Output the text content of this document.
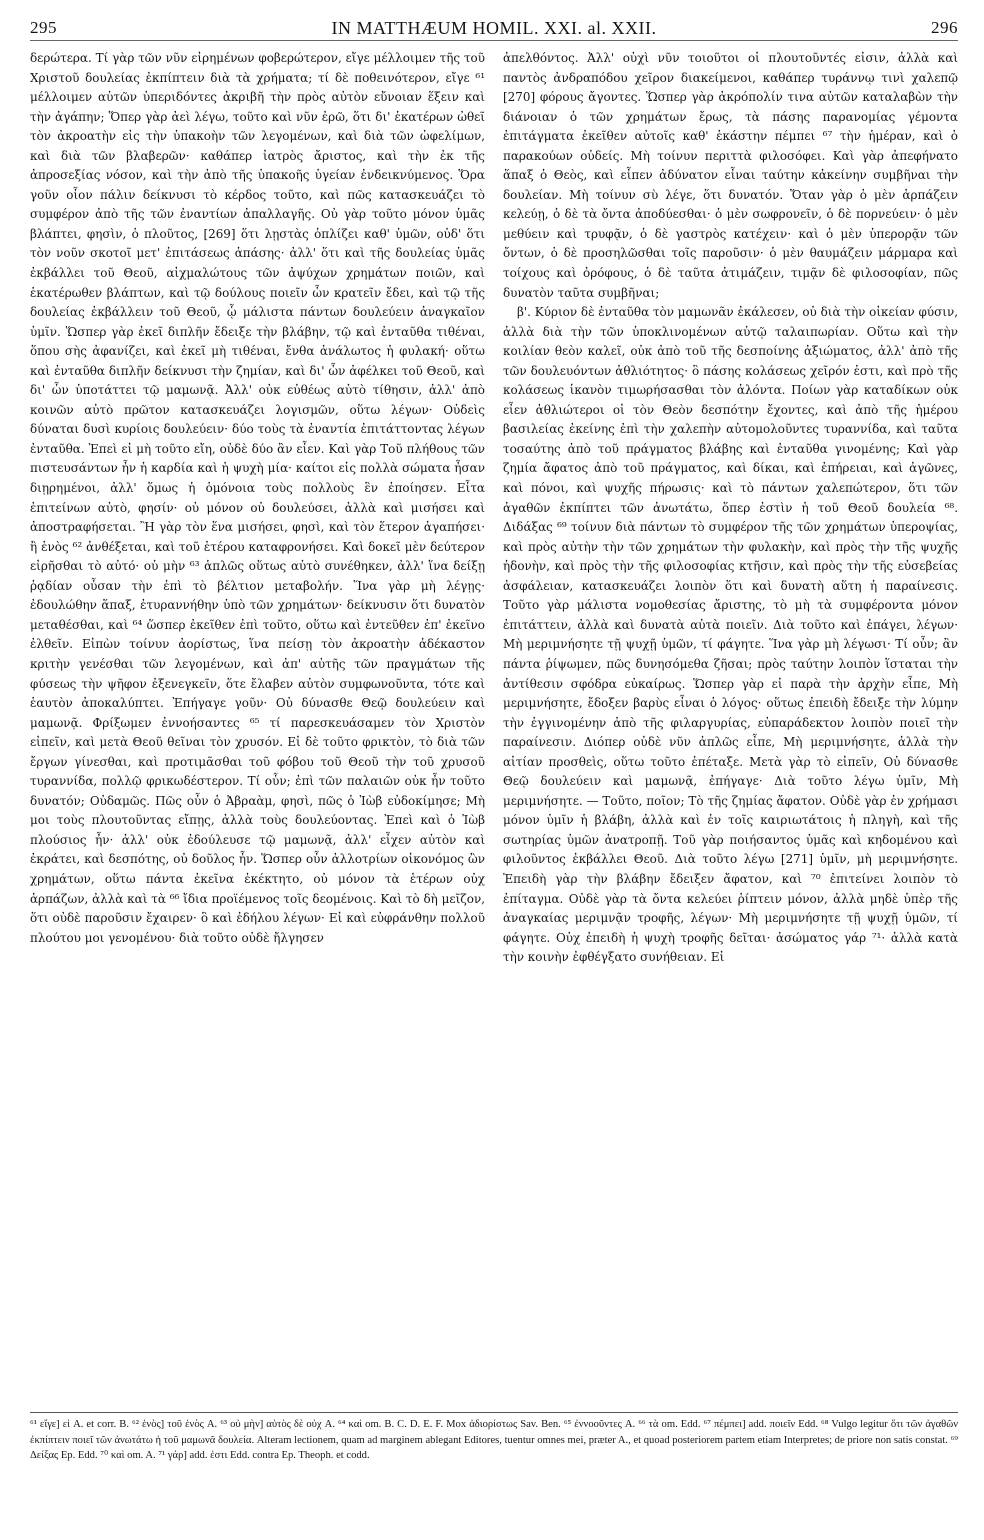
295	IN MATTHÆUM HOMIL. XXI. al. XXII.	296

δερώτερα. Τί γὰρ τῶν νῦν εἰρημένων φοβερώτερον, εἴγε μέλλοιμεν τῆς τοῦ Χριστοῦ δουλείας ἐκπίπτειν διὰ τὰ χρήματα; τί δὲ ποθεινότερον, εἴγε ⁶¹ μέλλοιμεν αὐτῶν ὑπεριδόντες ἀκριβῆ τὴν πρὸς αὐτὸν εὔνοιαν ἕξειν καὶ τὴν ἀγάπην; Ὅπερ γὰρ ἀεὶ λέγω, τοῦτο καὶ νῦν ἐρῶ, ὅτι δι' ἑκατέρων ὠθεῖ τὸν ἀκροατὴν εἰς τὴν ὑπακοὴν τῶν λεγομένων, καὶ διὰ τῶν ὠφελίμων, καὶ διὰ τῶν βλαβερῶν· καθάπερ ἰατρὸς ἄριστος, καὶ τὴν ἐκ τῆς ἀπροσεξίας νόσον, καὶ τὴν ἀπὸ τῆς ὑπακοῆς ὑγείαν ἐνδεικνύμενος. Ὅρα γοῦν οἷον πάλιν δείκνυσι τὸ κέρδος τοῦτο, καὶ πῶς κατασκευάζει τὸ συμφέρον ἀπὸ τῆς τῶν ἐναντίων ἀπαλλαγῆς. Οὐ γὰρ τοῦτο μόνον ὑμᾶς βλάπτει, φησὶν, ὁ πλοῦτος, [269] ὅτι λῃστὰς ὁπλίζει καθ' ὑμῶν, οὐδ' ὅτι τὸν νοῦν σκοτοῖ μετ' ἐπιτάσεως ἁπάσης· ἀλλ' ὅτι καὶ τῆς δουλείας ὑμᾶς ἐκβάλλει τοῦ Θεοῦ, αἰχμαλώτους τῶν ἀψύχων χρημάτων ποιῶν, καὶ ἑκατέρωθεν βλάπτων, καὶ τῷ δούλους ποιεῖν ὧν κρατεῖν ἔδει, καὶ τῷ τῆς δουλείας ἐκβάλλειν τοῦ Θεοῦ, ᾧ μάλιστα πάντων δουλεύειν ἀναγκαῖον ὑμῖν. Ὥσπερ γὰρ ἐκεῖ διπλῆν ἔδειξε τὴν βλάβην, τῷ καὶ ἐνταῦθα τιθέναι, ὅπου σὴς ἀφανίζει, καὶ ἐκεῖ μὴ τιθέναι, ἔνθα ἀνάλωτος ἡ φυλακή· οὕτω καὶ ἐνταῦθα διπλῆν δείκνυσι τὴν ζημίαν, καὶ δι' ὧν ἀφέλκει τοῦ Θεοῦ, καὶ δι' ὧν ὑποτάττει τῷ μαμωνᾷ. Ἀλλ' οὐκ εὐθέως αὐτὸ τίθησιν, ἀλλ' ἀπὸ κοινῶν αὐτὸ πρῶτον κατασκευάζει λογισμῶν, οὕτω λέγων· Οὐδεὶς δύναται δυσὶ κυρίοις δουλεύειν· δύο τοὺς τὰ ἐναντία ἐπιτάττοντας λέγων ἐνταῦθα. Ἐπεὶ εἰ μὴ τοῦτο εἴη, οὐδὲ δύο ἂν εἶεν. Καὶ γὰρ Τοῦ πλήθους τῶν πιστευσάντων ἦν ἡ καρδία καὶ ἡ ψυχὴ μία· καίτοι εἰς πολλὰ σώματα ἦσαν διῃρημένοι, ἀλλ' ὅμως ἡ ὁμόνοια τοὺς πολλοὺς ἓν ἐποίησεν. Εἶτα ἐπιτείνων αὐτὸ, φησίν· οὐ μόνον οὐ δουλεύσει, ἀλλὰ καὶ μισήσει καὶ ἀποστραφήσεται. Ἢ γὰρ τὸν ἕνα μισήσει, φησὶ, καὶ τὸν ἕτερον ἀγαπήσει· ἢ ἑνὸς ⁶² ἀνθέξεται, καὶ τοῦ ἑτέρου καταφρονήσει. Καὶ δοκεῖ μὲν δεύτερον εἰρῆσθαι τὸ αὐτό· οὐ μὴν ⁶³ ἁπλῶς οὕτως αὐτὸ συνέθηκεν, ἀλλ' ἵνα δείξῃ ῥᾳδίαν οὖσαν τὴν ἐπὶ τὸ βέλτιον μεταβολήν. Ἵνα γὰρ μὴ λέγῃς· ἐδουλώθην ἅπαξ, ἐτυραννήθην ὑπὸ τῶν χρημάτων· δείκνυσιν ὅτι δυνατὸν μεταθέσθαι, καὶ ⁶⁴ ὥσπερ ἐκεῖθεν ἐπὶ τοῦτο, οὕτω καὶ ἐντεῦθεν ἐπ' ἐκεῖνο ἐλθεῖν. Εἰπὼν τοίνυν ἀορίστως, ἵνα πείσῃ τὸν ἀκροατὴν ἀδέκαστον κριτὴν γενέσθαι τῶν λεγομένων, καὶ ἀπ' αὐτῆς τῶν πραγμάτων τῆς φύσεως τὴν ψῆφον ἐξενεγκεῖν, ὅτε ἔλαβεν αὐτὸν συμφωνοῦντα, τότε καὶ ἑαυτὸν ἀποκαλύπτει. Ἐπήγαγε γοῦν· Οὐ δύνασθε Θεῷ δουλεύειν καὶ μαμωνᾷ. Φρίξωμεν ἐννοήσαντες ⁶⁵ τί παρεσκευάσαμεν τὸν Χριστὸν εἰπεῖν, καὶ μετὰ Θεοῦ θεῖναι τὸν χρυσόν. Εἰ δὲ τοῦτο φρικτὸν, τὸ διὰ τῶν ἔργων γίνεσθαι, καὶ προτιμᾶσθαι τοῦ φόβου τοῦ Θεοῦ τὴν τοῦ χρυσοῦ τυραννίδα, πολλῷ φρικωδέστερον. Τί οὖν; ἐπὶ τῶν παλαιῶν οὐκ ἦν τοῦτο δυνατόν; Οὐδαμῶς. Πῶς οὖν ὁ Ἀβραὰμ, φησὶ, πῶς ὁ Ἰὼβ εὐδοκίμησε; Μὴ μοι τοὺς πλουτοῦντας εἴπῃς, ἀλλὰ τοὺς δουλεύοντας. Ἐπεὶ καὶ ὁ Ἰὼβ πλούσιος ἦν· ἀλλ' οὐκ ἐδούλευσε τῷ μαμωνᾷ, ἀλλ' εἶχεν αὐτὸν καὶ ἐκράτει, καὶ δεσπότης, οὐ δοῦλος ἦν. Ὥσπερ οὖν ἀλλοτρίων οἰκονόμος ὢν χρημάτων, οὕτω πάντα ἐκεῖνα ἐκέκτητο, οὐ μόνον τὰ ἑτέρων οὐχ ἁρπάζων, ἀλλὰ καὶ τὰ ⁶⁶ ἴδια προϊέμενος τοῖς δεομένοις. Καὶ τὸ δὴ μεῖζον, ὅτι οὐδὲ παροῦσιν ἔχαιρεν· ὃ καὶ ἐδήλου λέγων· Εἰ καὶ εὐφράνθην πολλοῦ πλούτου μοι γενομένου· διὰ τοῦτο οὐδὲ ἤλγησεν

ἀπελθόντος. Ἀλλ' οὐχὶ νῦν τοιοῦτοι οἱ πλουτοῦντές εἰσιν, ἀλλὰ καὶ παντὸς ἀνδραπόδου χεῖρον διακείμενοι, καθάπερ τυράννῳ τινὶ χαλεπῷ [270] φόρους ἄγοντες. Ὥσπερ γὰρ ἀκρόπολίν τινα αὐτῶν καταλαβὼν τὴν διάνοιαν ὁ τῶν χρημάτων ἔρως, τὰ πάσης παρανομίας γέμοντα ἐπιτάγματα ἐκεῖθεν αὐτοῖς καθ' ἑκάστην πέμπει ⁶⁷ τὴν ἡμέραν, καὶ ὁ παρακούων οὐδείς. Μὴ τοίνυν περιττὰ φιλοσόφει. Καὶ γὰρ ἀπεφήνατο ἅπαξ ὁ Θεὸς, καὶ εἶπεν ἀδύνατον εἶναι ταύτην κἀκείνην συμβῆναι τὴν δουλείαν. Μὴ τοίνυν σὺ λέγε, ὅτι δυνατόν. Ὅταν γὰρ ὁ μὲν ἁρπάζειν κελεύῃ, ὁ δὲ τὰ ὄντα ἀποδύεσθαι· ὁ μὲν σωφρονεῖν, ὁ δὲ πορνεύειν· ὁ μὲν μεθύειν καὶ τρυφᾷν, ὁ δὲ γαστρὸς κατέχειν· καὶ ὁ μὲν ὑπερορᾷν τῶν ὄντων, ὁ δὲ προσηλῶσθαι τοῖς παροῦσιν· ὁ μὲν θαυμάζειν μάρμαρα καὶ τοίχους καὶ ὀρόφους, ὁ δὲ ταῦτα ἀτιμάζειν, τιμᾷν δὲ φιλοσοφίαν, πῶς δυνατὸν ταῦτα συμβῆναι;

β'. Κύριον δὲ ἐνταῦθα τὸν μαμωνᾶν ἐκάλεσεν, οὐ διὰ τὴν οἰκείαν φύσιν, ἀλλὰ διὰ τὴν τῶν ὑποκλινομένων αὐτῷ ταλαιπωρίαν. Οὕτω καὶ τὴν κοιλίαν θεὸν καλεῖ, οὐκ ἀπὸ τοῦ τῆς δεσποίνης ἀξιώματος, ἀλλ' ἀπὸ τῆς τῶν δουλευόντων ἀθλιότητος· ὃ πάσης κολάσεως χεῖρόν ἐστι, καὶ πρὸ τῆς κολάσεως ἱκανὸν τιμωρήσασθαι τὸν ἁλόντα. Ποίων γὰρ καταδίκων οὐκ εἶεν ἀθλιώτεροι οἱ τὸν Θεὸν δεσπότην ἔχοντες, καὶ ἀπὸ τῆς ἡμέρου βασιλείας ἐκείνης ἐπὶ τὴν χαλεπὴν αὐτομολοῦντες τυραννίδα, καὶ ταῦτα τοσαύτης ἀπὸ τοῦ πράγματος βλάβης καὶ ἐνταῦθα γινομένης; Καὶ γὰρ ζημία ἄφατος ἀπὸ τοῦ πράγματος, καὶ δίκαι, καὶ ἐπήρειαι, καὶ ἀγῶνες, καὶ πόνοι, καὶ ψυχῆς πήρωσις· καὶ τὸ πάντων χαλεπώτερον, ὅτι τῶν ἀγαθῶν ἐκπίπτει τῶν ἀνωτάτω, ὅπερ ἐστὶν ἡ τοῦ Θεοῦ δουλεία ⁶⁸. Διδάξας ⁶⁹ τοίνυν διὰ πάντων τὸ συμφέρον τῆς τῶν χρημάτων ὑπεροψίας, καὶ πρὸς αὐτὴν τὴν τῶν χρημάτων τὴν φυλακὴν, καὶ πρὸς τὴν τῆς ψυχῆς ἡδονὴν, καὶ πρὸς τὴν τῆς φιλοσοφίας κτῆσιν, καὶ πρὸς τὴν τῆς εὐσεβείας ἀσφάλειαν, κατασκευάζει λοιπὸν ὅτι καὶ δυνατὴ αὕτη ἡ παραίνεσις. Τοῦτο γὰρ μάλιστα νομοθεσίας ἄριστης, τὸ μὴ τὰ συμφέροντα μόνον ἐπιτάττειν, ἀλλὰ καὶ δυνατὰ αὐτὰ ποιεῖν. Διὰ τοῦτο καὶ ἐπάγει, λέγων· Μὴ μεριμνήσητε τῇ ψυχῇ ὑμῶν, τί φάγητε. Ἵνα γὰρ μὴ λέγωσι· Τί οὖν; ἂν πάντα ῥίψωμεν, πῶς δυνησόμεθα ζῆσαι; πρὸς ταύτην λοιπὸν ἵσταται τὴν ἀντίθεσιν σφόδρα εὐκαίρως. Ὥσπερ γὰρ εἰ παρὰ τὴν ἀρχὴν εἶπε, Μὴ μεριμνήσητε, ἔδοξεν βαρὺς εἶναι ὁ λόγος· οὕτως ἐπειδὴ ἔδειξε τὴν λύμην τὴν ἐγγινομένην ἀπὸ τῆς φιλαργυρίας, εὐπαράδεκτον λοιπὸν ποιεῖ τὴν παραίνεσιν. Διόπερ οὐδὲ νῦν ἁπλῶς εἶπε, Μὴ μεριμνήσητε, ἀλλὰ τὴν αἰτίαν προσθεὶς, οὕτω τοῦτο ἐπέταξε. Μετὰ γὰρ τὸ εἰπεῖν, Οὐ δύνασθε Θεῷ δουλεύειν καὶ μαμωνᾷ, ἐπήγαγε· Διὰ τοῦτο λέγω ὑμῖν, Μὴ μεριμνήσητε. — Τοῦτο, ποῖον; Τὸ τῆς ζημίας ἄφατον. Οὐδὲ γὰρ ἐν χρήμασι μόνον ὑμῖν ἡ βλάβη, ἀλλὰ καὶ ἐν τοῖς καιριωτάτοις ἡ πληγὴ, καὶ τῆς σωτηρίας ὑμῶν ἀνατροπῇ. Τοῦ γὰρ ποιήσαντος ὑμᾶς καὶ κηδομένου καὶ φιλοῦντος ἐκβάλλει Θεοῦ. Διὰ τοῦτο λέγω [271] ὑμῖν, μὴ μεριμνήσητε. Ἐπειδὴ γὰρ τὴν βλάβην ἔδειξεν ἄφατον, καὶ ⁷⁰ ἐπιτείνει λοιπὸν τὸ ἐπίταγμα. Οὐδὲ γὰρ τὰ ὄντα κελεύει ῥίπτειν μόνον, ἀλλὰ μηδὲ ὑπὲρ τῆς ἀναγκαίας μεριμνᾷν τροφῆς, λέγων· Μὴ μεριμνήσητε τῇ ψυχῇ ὑμῶν, τί φάγητε. Οὐχ ἐπειδὴ ἡ ψυχὴ τροφῆς δεῖται· ἀσώματος γάρ ⁷¹· ἀλλὰ κατὰ τὴν κοινὴν ἐφθέγξατο συνήθειαν. Εἰ

⁶¹ εἴγε] εἰ A. et corr. B. ⁶² ἑνὸς] τοῦ ἑνὸς A. ⁶³ οὐ μὴν] αὐτὸς δὲ οὐχ A. ⁶⁴ καὶ om. B. C. D. E. F. Mox ἀδιορίστως Sav. Ben. ⁶⁵ ἐννοοῦντες A. ⁶⁶ τὰ om. Edd. ⁶⁷ πέμπει] add. ποιεῖν Edd. ⁶⁸ Vulgo legitur ὅτι τῶν ἀγαθῶν ἐκπίπτειν ποιεῖ τῶν ἀνωτάτω ἡ τοῦ μαμωνᾶ δουλεία. Alteram lectionem, quam ad marginem ablegant Editores, tuentur omnes mei, præter A., et quoad posteriorem partem etiam Interpretes; de priore non satis constat. ⁶⁹ Δείξας Ep. Edd. ⁷⁰ καὶ om. A. ⁷¹ γάρ] add. ἐστι Edd. contra Ep. Theoph. et codd.
